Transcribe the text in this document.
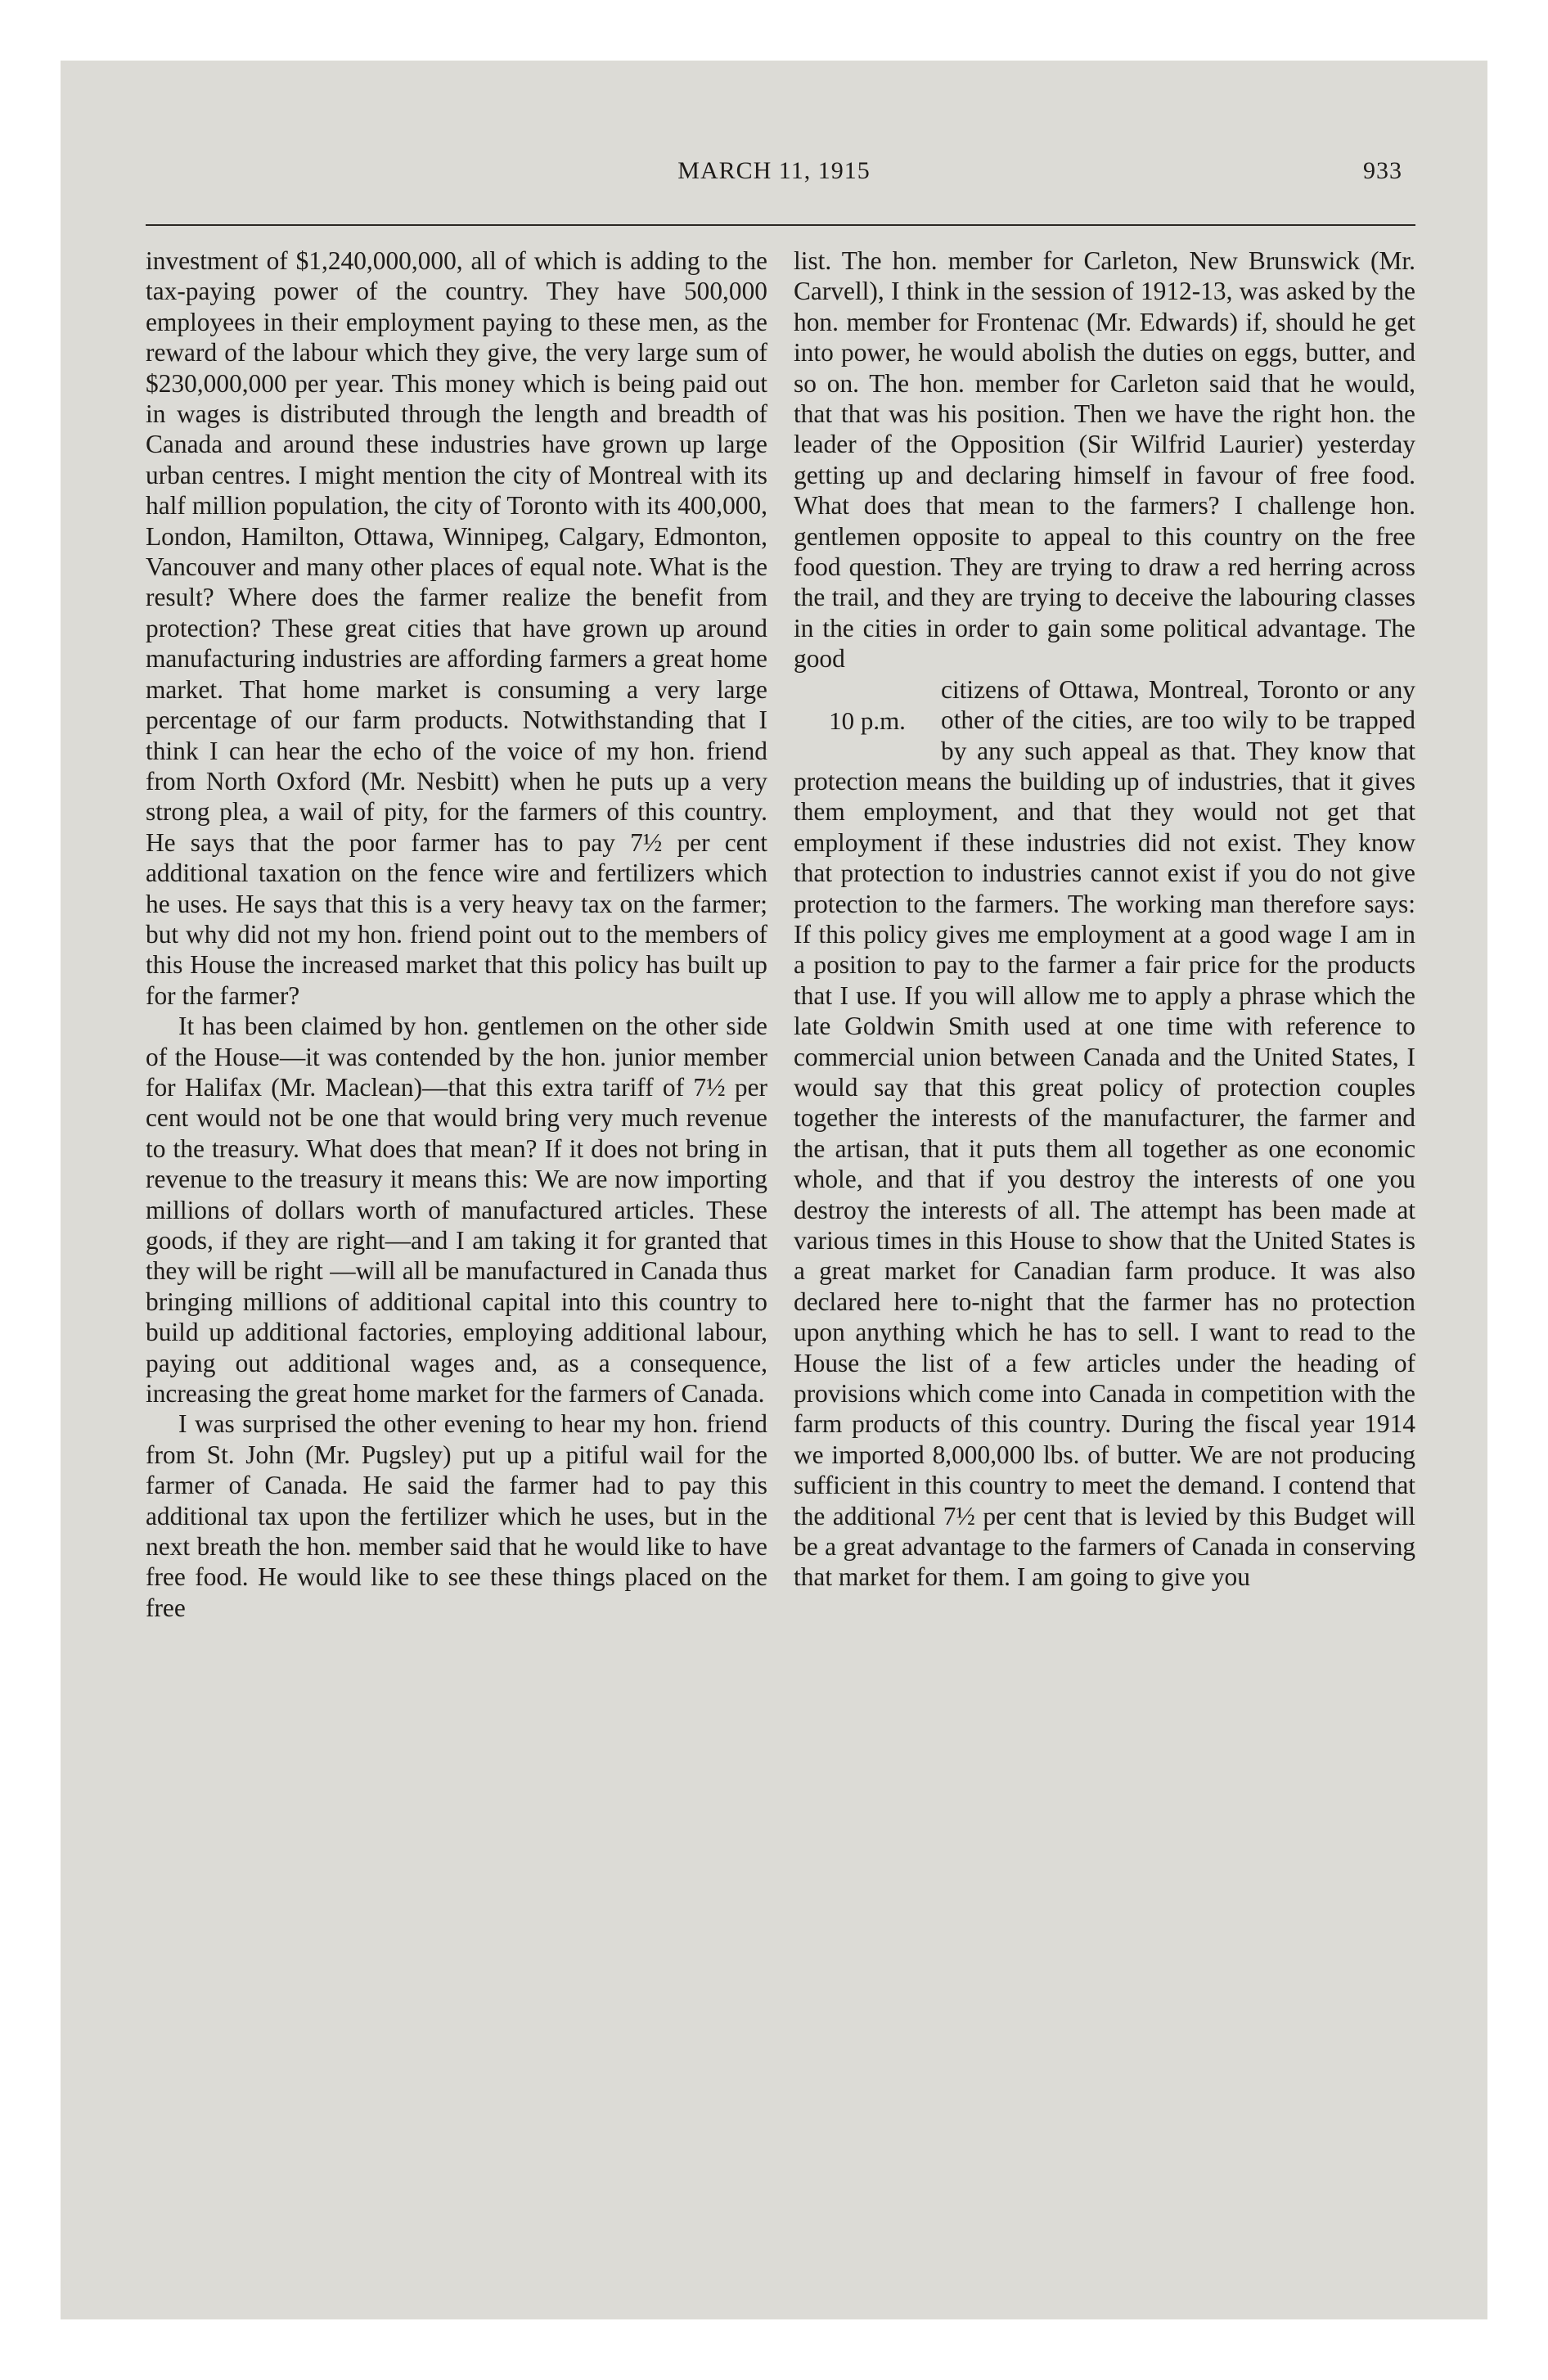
MARCH 11, 1915	933

investment of $1,240,000,000, all of which is adding to the tax-paying power of the country. They have 500,000 employees in their employment paying to these men, as the reward of the labour which they give, the very large sum of $230,000,000 per year. This money which is being paid out in wages is distributed through the length and breadth of Canada and around these industries have grown up large urban centres. I might mention the city of Montreal with its half million population, the city of Toronto with its 400,000, London, Hamilton, Ottawa, Winnipeg, Calgary, Edmonton, Vancouver and many other places of equal note. What is the result? Where does the farmer realize the benefit from protection? These great cities that have grown up around manufacturing industries are affording farmers a great home market. That home market is consuming a very large percentage of our farm products. Notwithstanding that I think I can hear the echo of the voice of my hon. friend from North Oxford (Mr. Nesbitt) when he puts up a very strong plea, a wail of pity, for the farmers of this country. He says that the poor farmer has to pay 7½ per cent additional taxation on the fence wire and fertilizers which he uses. He says that this is a very heavy tax on the farmer; but why did not my hon. friend point out to the members of this House the increased market that this policy has built up for the farmer?

It has been claimed by hon. gentlemen on the other side of the House—it was contended by the hon. junior member for Halifax (Mr. Maclean)—that this extra tariff of 7½ per cent would not be one that would bring very much revenue to the treasury. What does that mean? If it does not bring in revenue to the treasury it means this: We are now importing millions of dollars worth of manufactured articles. These goods, if they are right—and I am taking it for granted that they will be right —will all be manufactured in Canada thus bringing millions of additional capital into this country to build up additional factories, employing additional labour, paying out additional wages and, as a consequence, increasing the great home market for the farmers of Canada.

I was surprised the other evening to hear my hon. friend from St. John (Mr. Pugsley) put up a pitiful wail for the farmer of Canada. He said the farmer had to pay this additional tax upon the fertilizer which he uses, but in the next breath the hon. member said that he would like to have free food. He would like to see these things placed on the free

list. The hon. member for Carleton, New Brunswick (Mr. Carvell), I think in the session of 1912-13, was asked by the hon. member for Frontenac (Mr. Edwards) if, should he get into power, he would abolish the duties on eggs, butter, and so on. The hon. member for Carleton said that he would, that that was his position. Then we have the right hon. the leader of the Opposition (Sir Wilfrid Laurier) yesterday getting up and declaring himself in favour of free food. What does that mean to the farmers? I challenge hon. gentlemen opposite to appeal to this country on the free food question. They are trying to draw a red herring across the trail, and they are trying to deceive the labouring classes in the cities in order to gain some political advantage. The good

10 p.m.

citizens of Ottawa, Montreal, Toronto or any other of the cities, are too wily to be trapped by any such appeal as that. They know that protection means the building up of industries, that it gives them employment, and that they would not get that employment if these industries did not exist. They know that protection to industries cannot exist if you do not give protection to the farmers. The working man therefore says: If this policy gives me employment at a good wage I am in a position to pay to the farmer a fair price for the products that I use. If you will allow me to apply a phrase which the late Goldwin Smith used at one time with reference to commercial union between Canada and the United States, I would say that this great policy of protection couples together the interests of the manufacturer, the farmer and the artisan, that it puts them all together as one economic whole, and that if you destroy the interests of one you destroy the interests of all. The attempt has been made at various times in this House to show that the United States is a great market for Canadian farm produce. It was also declared here to-night that the farmer has no protection upon anything which he has to sell. I want to read to the House the list of a few articles under the heading of provisions which come into Canada in competition with the farm products of this country. During the fiscal year 1914 we imported 8,000,000 lbs. of butter. We are not producing sufficient in this country to meet the demand. I contend that the additional 7½ per cent that is levied by this Budget will be a great advantage to the farmers of Canada in conserving that market for them. I am going to give you
